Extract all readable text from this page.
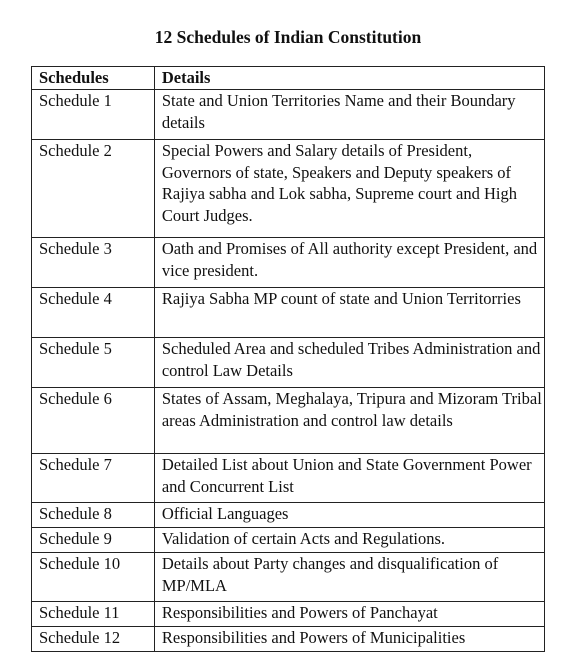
12 Schedules of Indian Constitution
Schedules	Details
Schedule 1	State and Union Territories Name and their Boundary details
Schedule 2	Special Powers and Salary details of President, Governors of state, Speakers and Deputy speakers of Rajiya sabha and Lok sabha, Supreme court and High Court Judges.
Schedule 3	Oath and Promises of All authority except President, and vice president.
Schedule 4	Rajiya Sabha MP count of state and Union Territorries
Schedule 5	Scheduled Area and scheduled Tribes Administration and control Law Details
Schedule 6	States of Assam, Meghalaya, Tripura and Mizoram Tribal areas Administration and control law details
Schedule 7	Detailed List about Union and State Government Power and Concurrent List
Schedule 8	Official Languages
Schedule 9	Validation of certain Acts and Regulations.
Schedule 10	Details about Party changes and disqualification of MP/MLA
Schedule 11	Responsibilities and Powers of Panchayat
Schedule 12	Responsibilities and Powers of Municipalities
